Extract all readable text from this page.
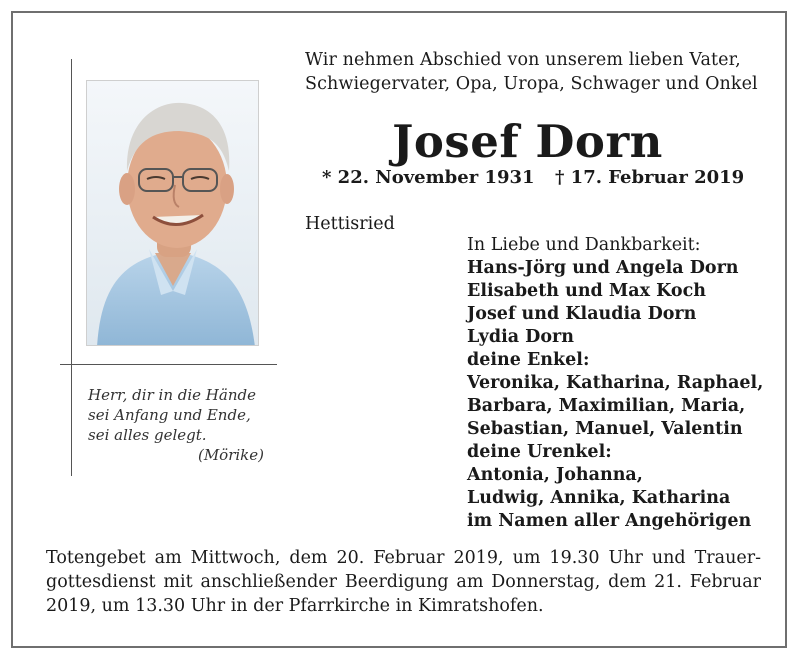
Wir nehmen Abschied von unserem lieben Vater,
Schwiegervater, Opa, Uropa, Schwager und Onkel
Josef Dorn
* 22. November 1931 † 17. Februar 2019
Hettisried
Herr, dir in die Hände
sei Anfang und Ende,
sei alles gelegt.
(Mörike)
In Liebe und Dankbarkeit:
Hans-Jörg und Angela Dorn
Elisabeth und Max Koch
Josef und Klaudia Dorn
Lydia Dorn
deine Enkel:
Veronika, Katharina, Raphael,
Barbara, Maximilian, Maria,
Sebastian, Manuel, Valentin
deine Urenkel:
Antonia, Johanna,
Ludwig, Annika, Katharina
im Namen aller Angehörigen
Totengebet am Mittwoch, dem 20. Februar 2019, um 19.30 Uhr und Trauer-
gottesdienst mit anschließender Beerdigung am Donnerstag, dem 21. Februar
2019, um 13.30 Uhr in der Pfarrkirche in Kimratshofen.
